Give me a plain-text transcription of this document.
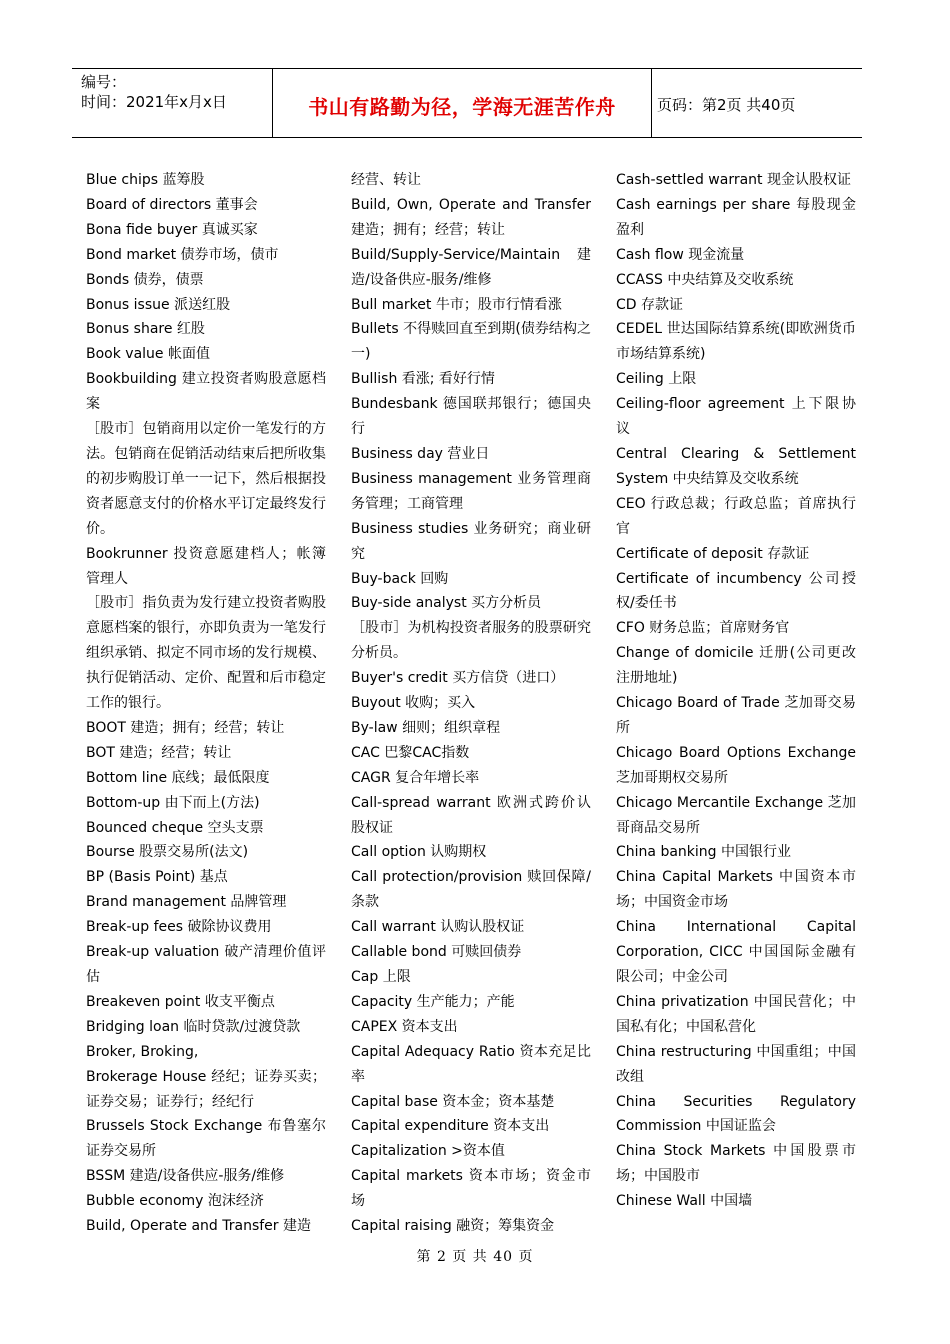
编号：
时间：2021年x月x日	书山有路勤为径，学海无涯苦作舟	页码：第2页 共40页

Blue chips 蓝筹股

Board of directors 董事会

Bona fide buyer 真诚买家

Bond market 债券市场，债市

Bonds 债券，债票

Bonus issue 派送红股

Bonus share 红股

Book value 帐面值

Bookbuilding 建立投资者购股意愿档案

［股市］包销商用以定价一笔发行的方法。包销商在促销活动结束后把所收集的初步购股订单一一记下，然后根据投资者愿意支付的价格水平订定最终发行价。

Bookrunner 投资意愿建档人；帐簿管理人

［股市］指负责为发行建立投资者购股意愿档案的银行，亦即负责为一笔发行组织承销、拟定不同市场的发行规模、执行促销活动、定价、配置和后市稳定工作的银行。

BOOT 建造；拥有；经营；转让

BOT 建造；经营；转让

Bottom line 底线；最低限度

Bottom-up 由下而上(方法)

Bounced cheque 空头支票

Bourse 股票交易所(法文)

BP (Basis Point) 基点

Brand management 品牌管理

Break-up fees 破除协议费用

Break-up valuation 破产清理价值评估

Breakeven point 收支平衡点

Bridging loan 临时贷款/过渡贷款

Broker, Broking,

Brokerage House 经纪；证券买卖；证券交易；证券行；经纪行

Brussels Stock Exchange 布鲁塞尔证券交易所

BSSM 建造/设备供应-服务/维修

Bubble economy 泡沫经济

Build, Operate and Transfer 建造

经营、转让

Build, Own, Operate and Transfer 建造；拥有；经营；转让

Build/Supply-Service/Maintain 建造/设备供应-服务/维修

Bull market 牛市；股市行情看涨

Bullets 不得赎回直至到期(债券结构之一)

Bullish 看涨; 看好行情

Bundesbank 德国联邦银行；德国央行

Business day 营业日

Business management 业务管理商务管理；工商管理

Business studies 业务研究；商业研究

Buy-back 回购

Buy-side analyst 买方分析员

［股市］为机构投资者服务的股票研究分析员。

Buyer's credit 买方信贷（进口）

Buyout 收购；买入

By-law 细则；组织章程

CAC 巴黎CAC指数

CAGR 复合年增长率

Call-spread warrant 欧洲式跨价认股权证

Call option 认购期权

Call protection/provision 赎回保障/条款

Call warrant 认购认股权证

Callable bond 可赎回债券

Cap 上限

Capacity 生产能力；产能

CAPEX 资本支出

Capital Adequacy Ratio 资本充足比率

Capital base 资本金；资本基楚

Capital expenditure 资本支出

Capitalization >资本值

Capital markets 资本市场；资金市场

Capital raising 融资；筹集资金

Cash-settled warrant 现金认股权证

Cash earnings per share 每股现金盈利

Cash flow 现金流量

CCASS 中央结算及交收系统

CD 存款证

CEDEL 世达国际结算系统(即欧洲货币市场结算系统)

Ceiling 上限

Ceiling-floor agreement 上下限协议

Central Clearing & Settlement System 中央结算及交收系统

CEO 行政总裁；行政总监；首席执行官

Certificate of deposit 存款证

Certificate of incumbency 公司授权/委任书

CFO 财务总监；首席财务官

Change of domicile 迁册(公司更改注册地址)

Chicago Board of Trade 芝加哥交易所

Chicago Board Options Exchange 芝加哥期权交易所

Chicago Mercantile Exchange 芝加哥商品交易所

China banking 中国银行业

China Capital Markets 中国资本市场；中国资金市场

China International Capital Corporation, CICC 中国国际金融有限公司；中金公司

China privatization 中国民营化；中国私有化；中国私营化

China restructuring 中国重组；中国改组

China Securities Regulatory Commission 中国证监会

China Stock Markets 中国股票市场；中国股市

Chinese Wall 中国墙

第 2 页 共 40 页
